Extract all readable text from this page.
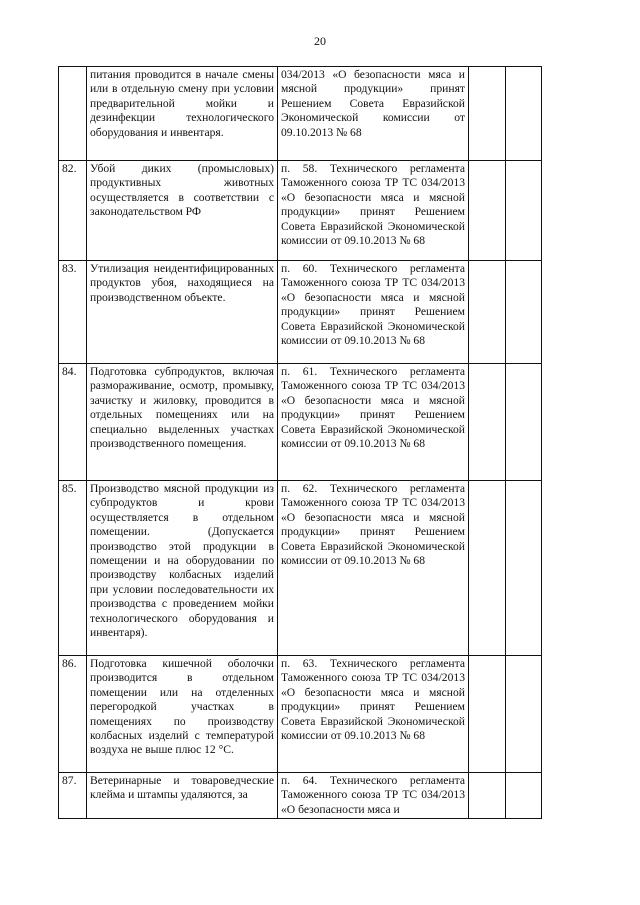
20
	питания проводится в начале смены или в отдельную смену при условии предварительной мойки и дезинфекции технологического оборудования и инвентаря.	034/2013 «О безопасности мяса и мясной продукции» принят Решением Совета Евразийской Экономической комиссии от 09.10.2013 № 68		
82.	Убой диких (промысловых) продуктивных животных осуществляется в соответствии с законодательством РФ	п. 58. Технического регламента Таможенного союза ТР ТС 034/2013 «О безопасности мяса и мясной продукции» принят Решением Совета Евразийской Экономической комиссии от 09.10.2013 № 68		
83.	Утилизация неидентифицированных продуктов убоя, находящиеся на производственном объекте.	п. 60. Технического регламента Таможенного союза ТР ТС 034/2013 «О безопасности мяса и мясной продукции» принят Решением Совета Евразийской Экономической комиссии от 09.10.2013 № 68		
84.	Подготовка субпродуктов, включая размораживание, осмотр, промывку, зачистку и жиловку, проводится в отдельных помещениях или на специально выделенных участках производственного помещения.	п. 61. Технического регламента Таможенного союза ТР ТС 034/2013 «О безопасности мяса и мясной продукции» принят Решением Совета Евразийской Экономической комиссии от 09.10.2013 № 68		
85.	Производство мясной продукции из субпродуктов и крови осуществляется в отдельном помещении. (Допускается производство этой продукции в помещении и на оборудовании по производству колбасных изделий при условии последовательности их производства с проведением мойки технологического оборудования и инвентаря).	п. 62. Технического регламента Таможенного союза ТР ТС 034/2013 «О безопасности мяса и мясной продукции» принят Решением Совета Евразийской Экономической комиссии от 09.10.2013 № 68		
86.	Подготовка кишечной оболочки производится в отдельном помещении или на отделенных перегородкой участках в помещениях по производству колбасных изделий с температурой воздуха не выше плюс 12 °С.	п. 63. Технического регламента Таможенного союза ТР ТС 034/2013 «О безопасности мяса и мясной продукции» принят Решением Совета Евразийской Экономической комиссии от 09.10.2013 № 68		
87.	Ветеринарные и товароведческие клейма и штампы удаляются, за	п. 64. Технического регламента Таможенного союза ТР ТС 034/2013 «О безопасности мяса и		
